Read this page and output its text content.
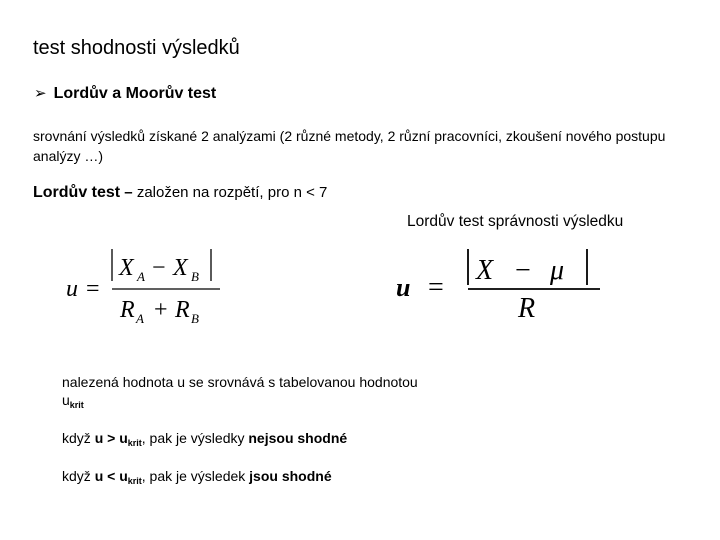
test shodnosti výsledků
➢ Lordův a Moorův test
srovnání výsledků získané 2 analýzami (2 různé metody, 2 různí pracovníci, zkoušení nového postupu analýzy …)
Lordův test – založen na rozpětí, pro n < 7
Lordův test správnosti výsledku
u =
X A − X B
R A + R B
u =
X − μ
R

nalezená hodnota u se srovnává s tabelovanou hodnotou $u_{krit}$

když $u > u_{krit}$, pak je výsledky nejsou shodné

když $u < u_{krit}$, pak je výsledek jsou shodné
